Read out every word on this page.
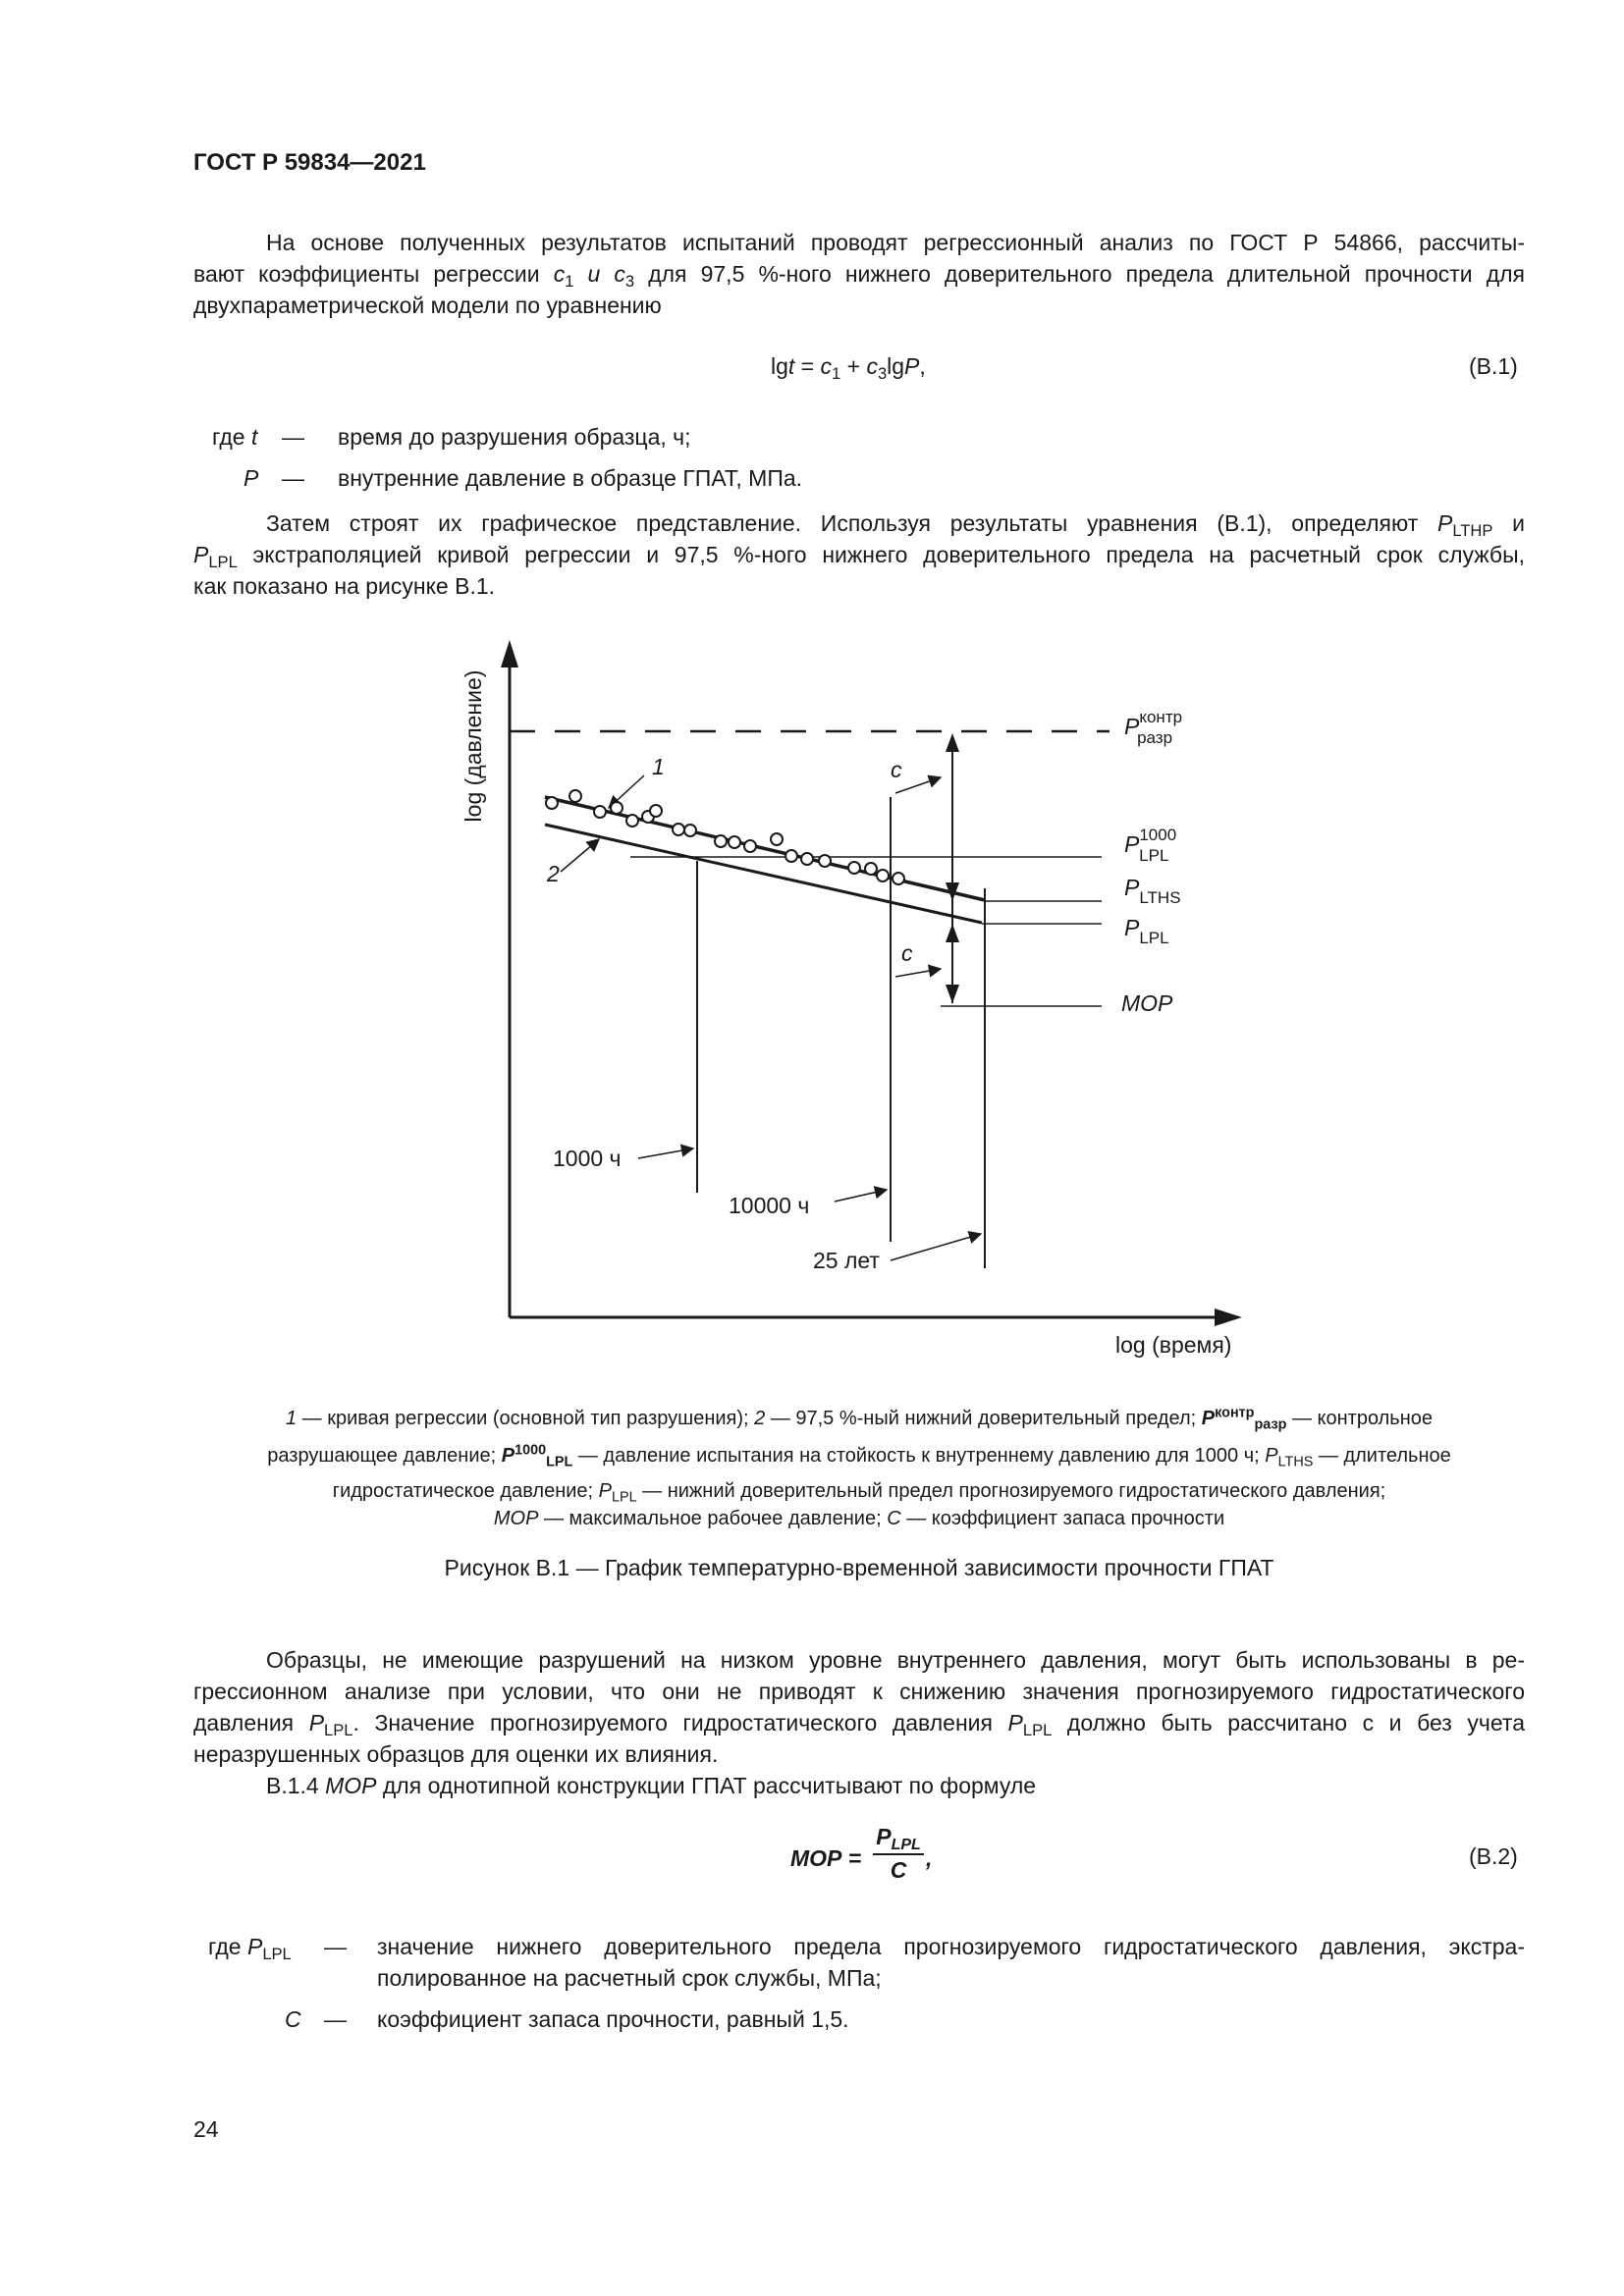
ГОСТ Р 59834—2021
На основе полученных результатов испытаний проводят регрессионный анализ по ГОСТ Р 54866, рассчиты-
вают коэффициенты регрессии $c_1$ и $c_3$ для 97,5 %-ного нижнего доверительного предела длительной прочности для
двухпараметрической модели по уравнению
$\lg t = c_1 + c_3\lg P$,	(В.1)
где t — время до разрушения образца, ч;
P — внутренние давление в образце ГПАТ, МПа.
Затем строят их графическое представление. Используя результаты уравнения (В.1), определяют $P_{LTHP}$ и
$P_{LPL}$ экстраполяцией кривой регрессии и 97,5 %-ного нижнего доверительного предела на расчетный срок службы,
как показано на рисунке В.1.
log (давление)
log (время)
1
2
c
c
$P^{контр}$ разр
$P^{1000}$ LPL
$P_{LTHS}$
$P_{LPL}$
МОР
1000 ч
10000 ч
25 лет
1 — кривая регрессии (основной тип разрушения); 2 — 97,5 %-ный нижний доверительный предел; $P^{контр}_{разр}$ — контрольное
разрушающее давление; $P^{1000}_{LPL}$ — давление испытания на стойкость к внутреннему давлению для 1000 ч; $P_{LTHS}$ — длительное
гидростатическое давление; $P_{LPL}$ — нижний доверительный предел прогнозируемого гидростатического давления;
МОР — максимальное рабочее давление; C — коэффициент запаса прочности
Рисунок В.1 — График температурно-временной зависимости прочности ГПАТ
Образцы, не имеющие разрушений на низком уровне внутреннего давления, могут быть использованы в ре-
грессионном анализе при условии, что они не приводят к снижению значения прогнозируемого гидростатического
давления $P_{LPL}$. Значение прогнозируемого гидростатического давления $P_{LPL}$ должно быть рассчитано с и без учета
неразрушенных образцов для оценки их влияния.
В.1.4 МОР для однотипной конструкции ГПАТ рассчитывают по формуле
МОР =
$P_{LPL}$
C ,	(В.2)
где $P_{LPL}$ — значение нижнего доверительного предела прогнозируемого гидростатического давления, экстра-
полированное на расчетный срок службы, МПа;
C — коэффициент запаса прочности, равный 1,5.
24
